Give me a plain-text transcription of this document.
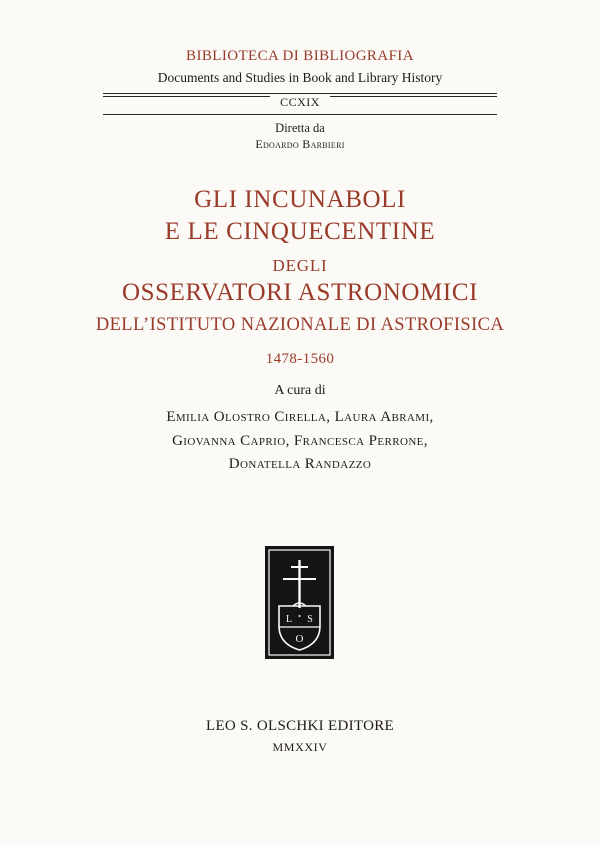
BIBLIOTECA DI BIBLIOGRAFIA
Documents and Studies in Book and Library History
CCXIX
Diretta da
Edoardo Barbieri
GLI INCUNABOLI
E LE CINQUECENTINE
DEGLI
OSSERVATORI ASTRONOMICI
DELL’ISTITUTO NAZIONALE DI ASTROFISICA
1478-1560
A cura di
Emilia Olostro Cirella, Laura Abrami,
Giovanna Caprio, Francesca Perrone,
Donatella Randazzo
L S
O
LEO S. OLSCHKI EDITORE
MMXXIV
